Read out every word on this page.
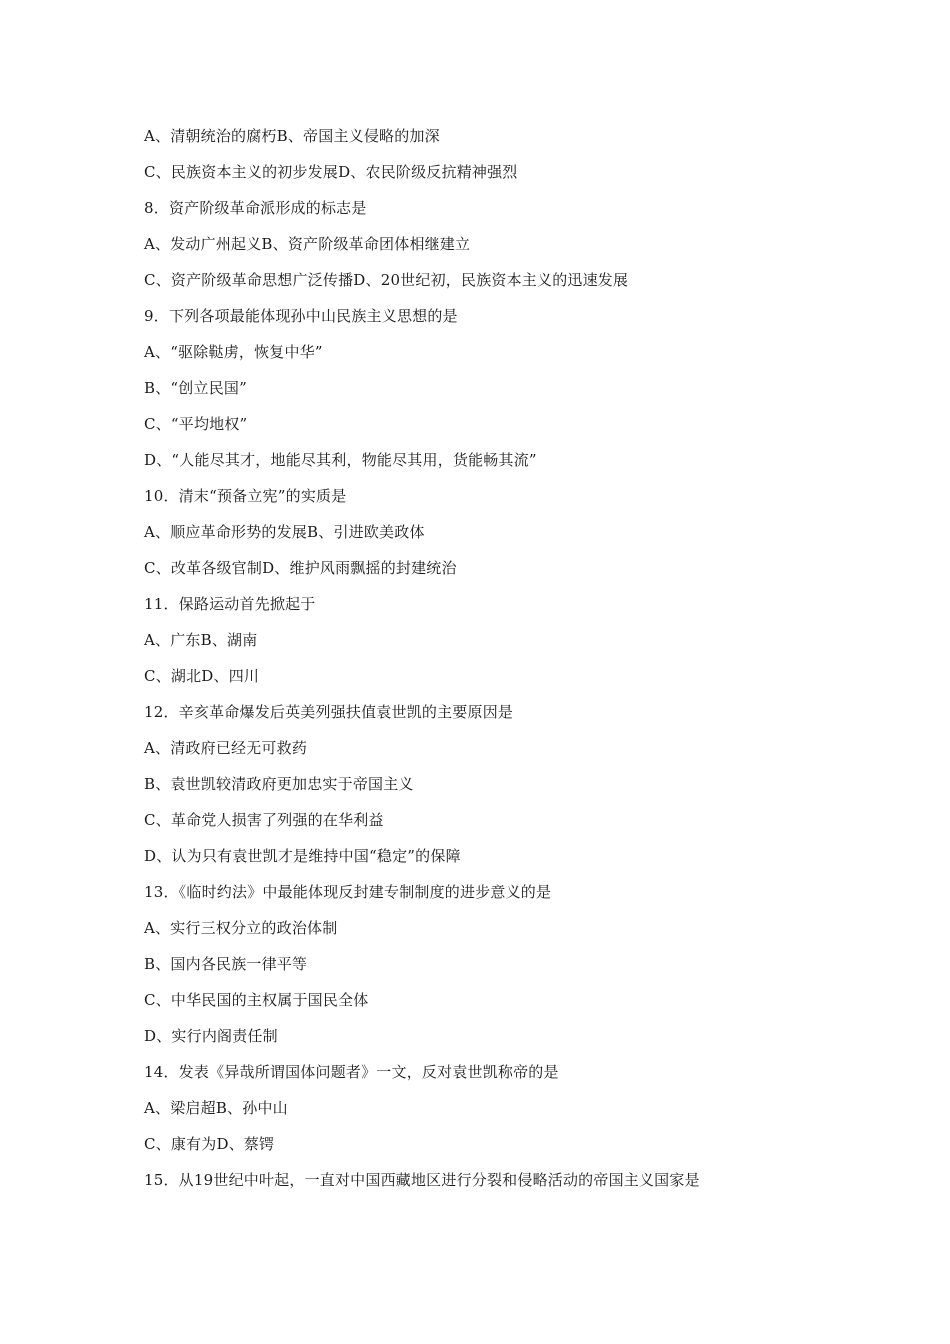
A、清朝统治的腐朽B、帝国主义侵略的加深
C、民族资本主义的初步发展D、农民阶级反抗精神强烈
8．资产阶级革命派形成的标志是
A、发动广州起义B、资产阶级革命团体相继建立
C、资产阶级革命思想广泛传播D、20世纪初，民族资本主义的迅速发展
9．下列各项最能体现孙中山民族主义思想的是
A、“驱除鞑虏，恢复中华”
B、“创立民国”
C、“平均地权”
D、“人能尽其才，地能尽其利，物能尽其用，货能畅其流”
10．清末“预备立宪”的实质是
A、顺应革命形势的发展B、引进欧美政体
C、改革各级官制D、维护风雨飘摇的封建统治
11．保路运动首先掀起于
A、广东B、湖南
C、湖北D、四川
12．辛亥革命爆发后英美列强扶值袁世凯的主要原因是
A、清政府已经无可救药
B、袁世凯较清政府更加忠实于帝国主义
C、革命党人损害了列强的在华利益
D、认为只有袁世凯才是维持中国“稳定”的保障
13．《临时约法》中最能体现反封建专制制度的进步意义的是
A、实行三权分立的政治体制
B、国内各民族一律平等
C、中华民国的主权属于国民全体
D、实行内阁责任制
14．发表《异哉所谓国体问题者》一文，反对袁世凯称帝的是
A、梁启超B、孙中山
C、康有为D、蔡锷
15．从19世纪中叶起，一直对中国西藏地区进行分裂和侵略活动的帝国主义国家是
